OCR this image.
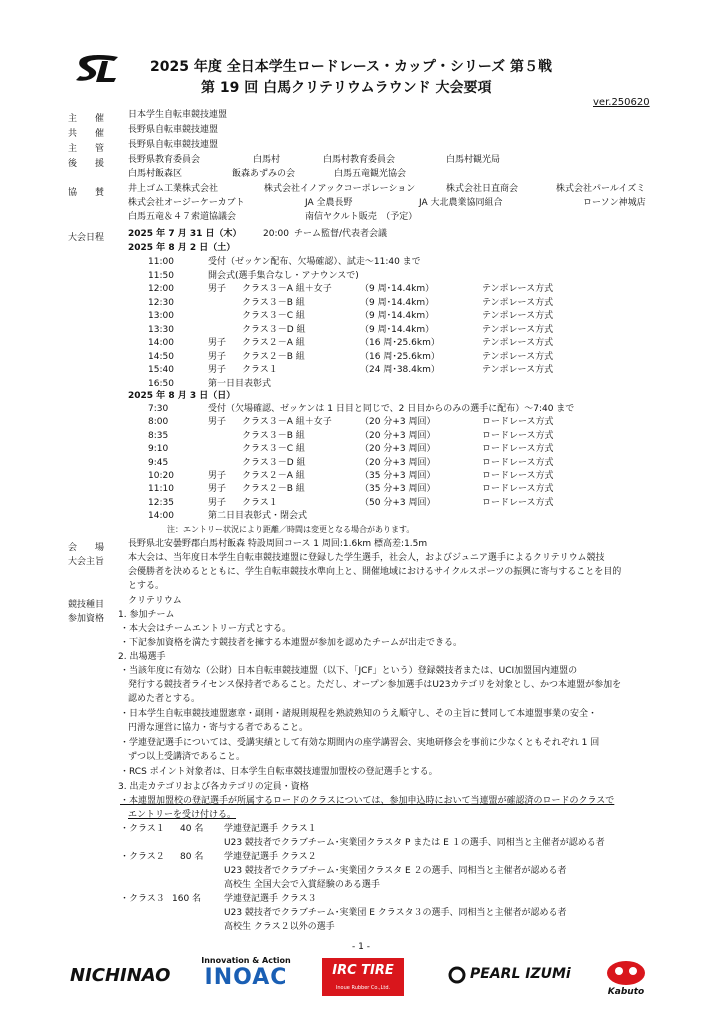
2025 年度 全日本学生ロードレース・カップ・シリーズ 第５戦
第 19 回 白馬クリテリウムラウンド 大会要項
ver.250620
主　　催	日本学生自転車競技連盟
共　　催	長野県自転車競技連盟
主　　管	長野県自転車競技連盟
後　　援	長野県教育委員会	白馬村	白馬村教育委員会	白馬村観光局
白馬村飯森区	飯森あずみの会	白馬五竜観光協会
協　　賛	井上ゴム工業株式会社	株式会社イノアックコーポレーション	株式会社日直商会	株式会社パールイズミ
株式会社オージーケーカブト	JA 全農長野	JA 大北農業協同組合	ローソン神城店
白馬五竜＆４７索道協議会	南信ヤクルト販売　（予定）
大会日程	2025 年 7 月 31 日（木） 20:00 チーム監督/代表者会議
2025 年 8 月 2 日（土）
11:00	受付（ゼッケン配布、欠場確認）、試走～11:40 まで
11:50	開会式(選手集合なし・アナウンスで)
12:00	男子 クラス３－A 組＋女子	（9 周･14.4km）	テンポレース方式
12:30	クラス３－B 組	（9 周･14.4km）	テンポレース方式
13:00	クラス３－C 組	（9 周･14.4km）	テンポレース方式
13:30	クラス３－D 組	（9 周･14.4km）	テンポレース方式
14:00	男子 クラス２－A 組	（16 周･25.6km）	テンポレース方式
14:50	男子 クラス２－B 組	（16 周･25.6km）	テンポレース方式
15:40	男子 クラス１	（24 周･38.4km）	テンポレース方式
16:50	第一日目表彰式
2025 年 8 月 3 日（日）
7:30	受付（欠場確認、ゼッケンは 1 日目と同じで、2 日目からのみの選手に配布）～7:40 まで
8:00	男子 クラス３－A 組＋女子	（20 分+3 周回）	ロードレース方式
8:35	クラス３－B 組	（20 分+3 周回）	ロードレース方式
9:10	クラス３－C 組	（20 分+3 周回）	ロードレース方式
9:45	クラス３－D 組	（20 分+3 周回）	ロードレース方式
10:20	男子 クラス２－A 組	（35 分+3 周回）	ロードレース方式
11:10	男子 クラス２－B 組	（35 分+3 周回）	ロードレース方式
12:35	男子 クラス１	（50 分+3 周回）	ロードレース方式
14:00	第二日目表彰式・閉会式
注：エントリー状況により距離／時間は変更となる場合があります。
会　　場	長野県北安曇野郡白馬村飯森 特設周回コース 1 周回:1.6km 標高差:1.5m
大会主旨	本大会は、当年度日本学生自転車競技連盟に登録した学生選手，社会人，およびジュニア選手によるクリテリウム競技
会優勝者を決めるとともに、学生自転車競技水準向上と、開催地域におけるサイクルスポーツの振興に寄与することを目的
とする。
競技種目	クリテリウム
参加資格 1. 参加チーム
・本大会はチームエントリー方式とする。
・下記参加資格を満たす競技者を擁する本連盟が参加を認めたチームが出走できる。
2. 出場選手
・当該年度に有効な（公財）日本自転車競技連盟（以下、「JCF」という）登録競技者または、UCI加盟国内連盟の
発行する競技者ライセンス保持者であること。ただし、オープン参加選手はU23カテゴリを対象とし、かつ本連盟が参加を
認めた者とする。
・日本学生自転車競技連盟憲章・副則・諸規則規程を熟読熟知のうえ順守し、その主旨に賛同して本連盟事業の安全・
円滑な運営に協力・寄与する者であること。
・学連登記選手については、受講実績として有効な期間内の座学講習会、実地研修会を事前に少なくともそれぞれ 1 回
ずつ以上受講済であること。
・RCS ポイント対象者は、日本学生自転車競技連盟加盟校の登記選手とする。
3. 出走カテゴリおよび各カテゴリの定員・資格
・本連盟加盟校の登記選手が所属するロードのクラスについては、参加申込時において当連盟が確認済のロードのクラスで
エントリーを受け付ける。
・クラス１ 40 名 学連登記選手 クラス１
U23 競技者でクラブチーム･実業団クラスタ P または E １の選手、同相当と主催者が認める者
・クラス２ 80 名 学連登記選手 クラス２
U23 競技者でクラブチーム･実業団クラスタ E ２の選手、同相当と主催者が認める者
高校生 全国大会で入賞経験のある選手
・クラス３ 160 名	学連登記選手 クラス３
U23 競技者でクラブチーム･実業団 E クラスタ３の選手、同相当と主催者が認める者
高校生 クラス２以外の選手
- 1 -
NICHINAO
Innovation & Action
INOAC	IRC TIRE
Inoue Rubber Co.,Ltd.
PEARL IZUMi
Kabuto
